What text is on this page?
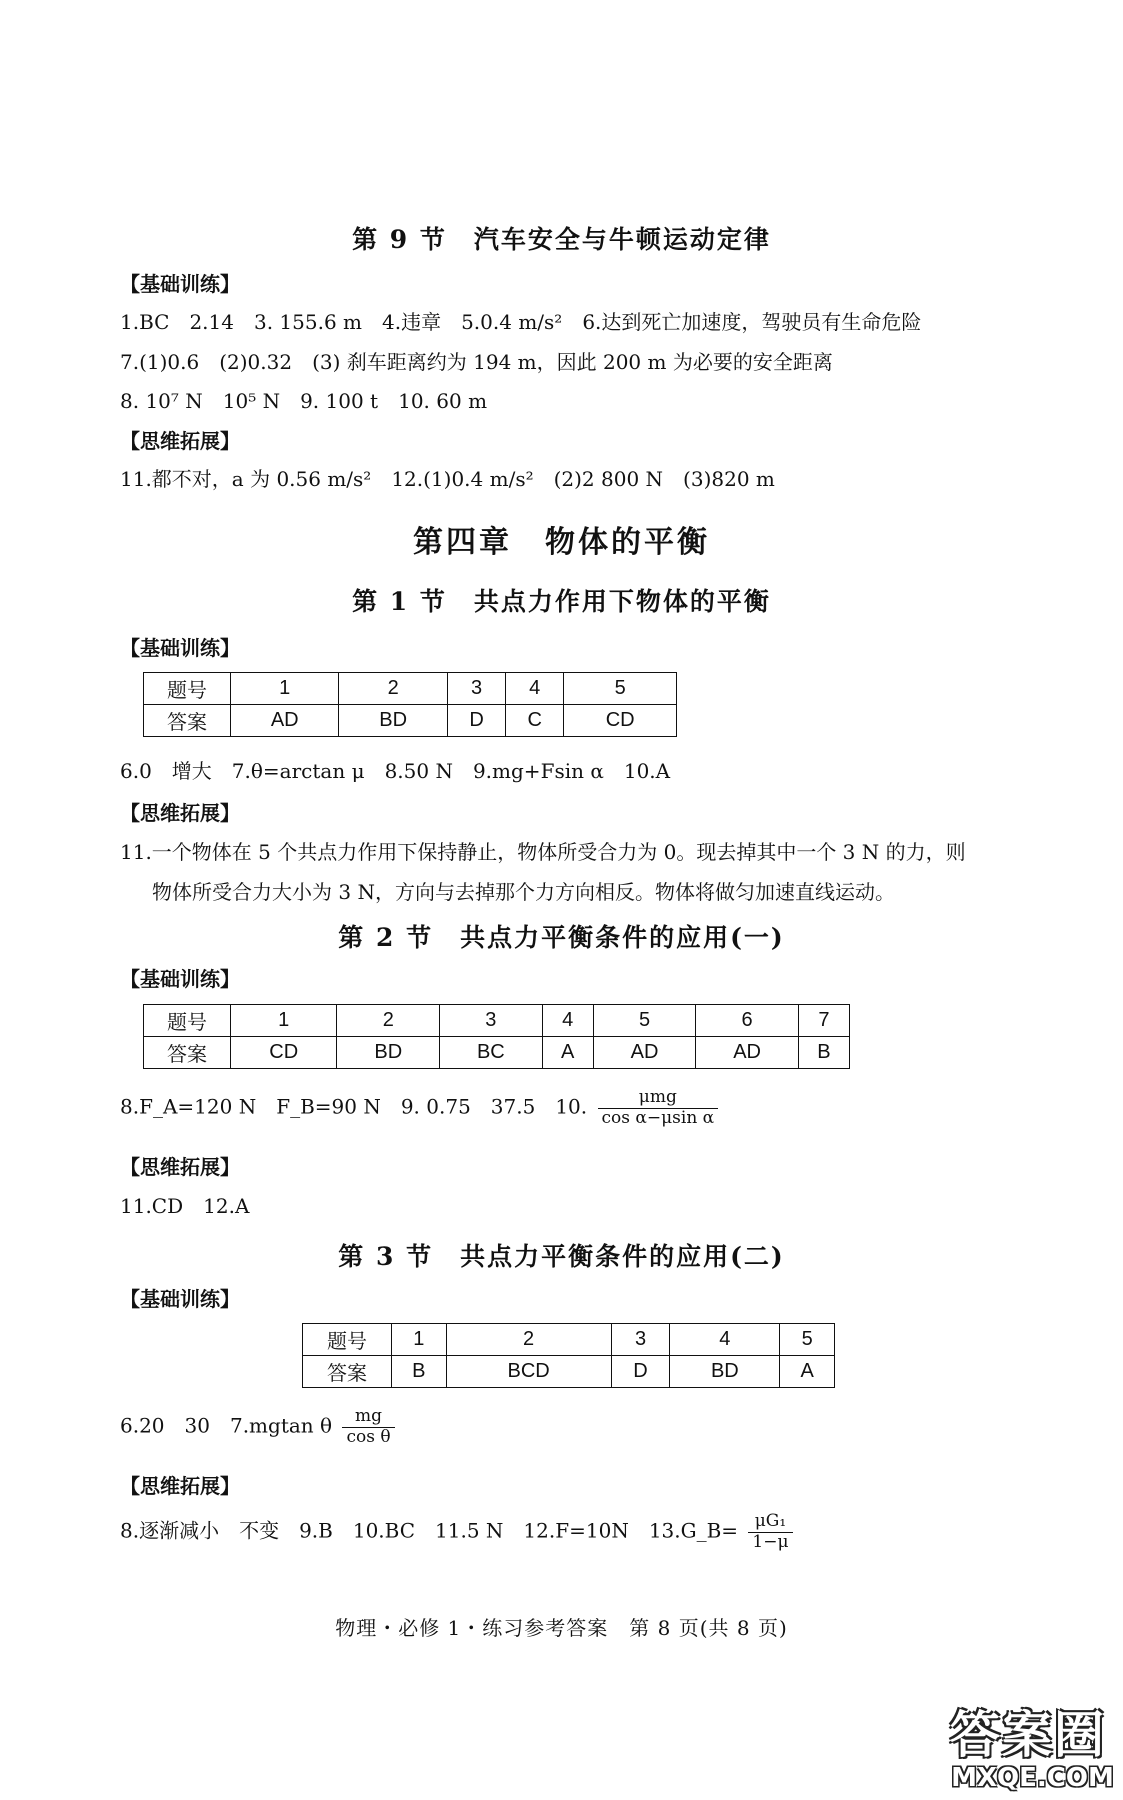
第 9 节　汽车安全与牛顿运动定律
【基础训练】
1.BC　2.14　3. 155.6 m　4.违章　5.0.4 m/s²　6.达到死亡加速度，驾驶员有生命危险
7.(1)0.6　(2)0.32　(3) 刹车距离约为 194 m，因此 200 m 为必要的安全距离
8. 10⁷ N　10⁵ N　9. 100 t　10. 60 m
【思维拓展】
11.都不对，a 为 0.56 m/s²　12.(1)0.4 m/s²　(2)2 800 N　(3)820 m
第四章　物体的平衡
第 1 节　共点力作用下物体的平衡
【基础训练】
题号	1	2	3	4	5
答案	AD	BD	D	C	CD
6.0　增大　7.θ=arctan μ　8.50 N　9.mg+Fsin α　10.A
【思维拓展】
11.一个物体在 5 个共点力作用下保持静止，物体所受合力为 0。现去掉其中一个 3 N 的力，则
物体所受合力大小为 3 N，方向与去掉那个力方向相反。物体将做匀加速直线运动。
第 2 节　共点力平衡条件的应用(一)
【基础训练】
题号	1	2	3	4	5	6	7
答案	CD	BD	BC	A	AD	AD	B
8.F_A=120 N　F_B=90 N　9. 0.75　37.5　10. $\frac{\text{μmg}}{\text{cos α−μsin α}}$
【思维拓展】
11.CD　12.A
第 3 节　共点力平衡条件的应用(二)
【基础训练】
题号	1	2	3	4	5
答案	B	BCD	D	BD	A
6.20　30　7.mgtan θ $\frac{mg}{\text{cos θ}}$
【思维拓展】
8.逐渐减小　不变　9.B　10.BC　11.5 N　12.F=10N　13.G_B= $\frac{\text{μG₁}}{1-\mu}$
物理・必修 1・练习参考答案　第 8 页(共 8 页)
答案圈
MXQE.COM
